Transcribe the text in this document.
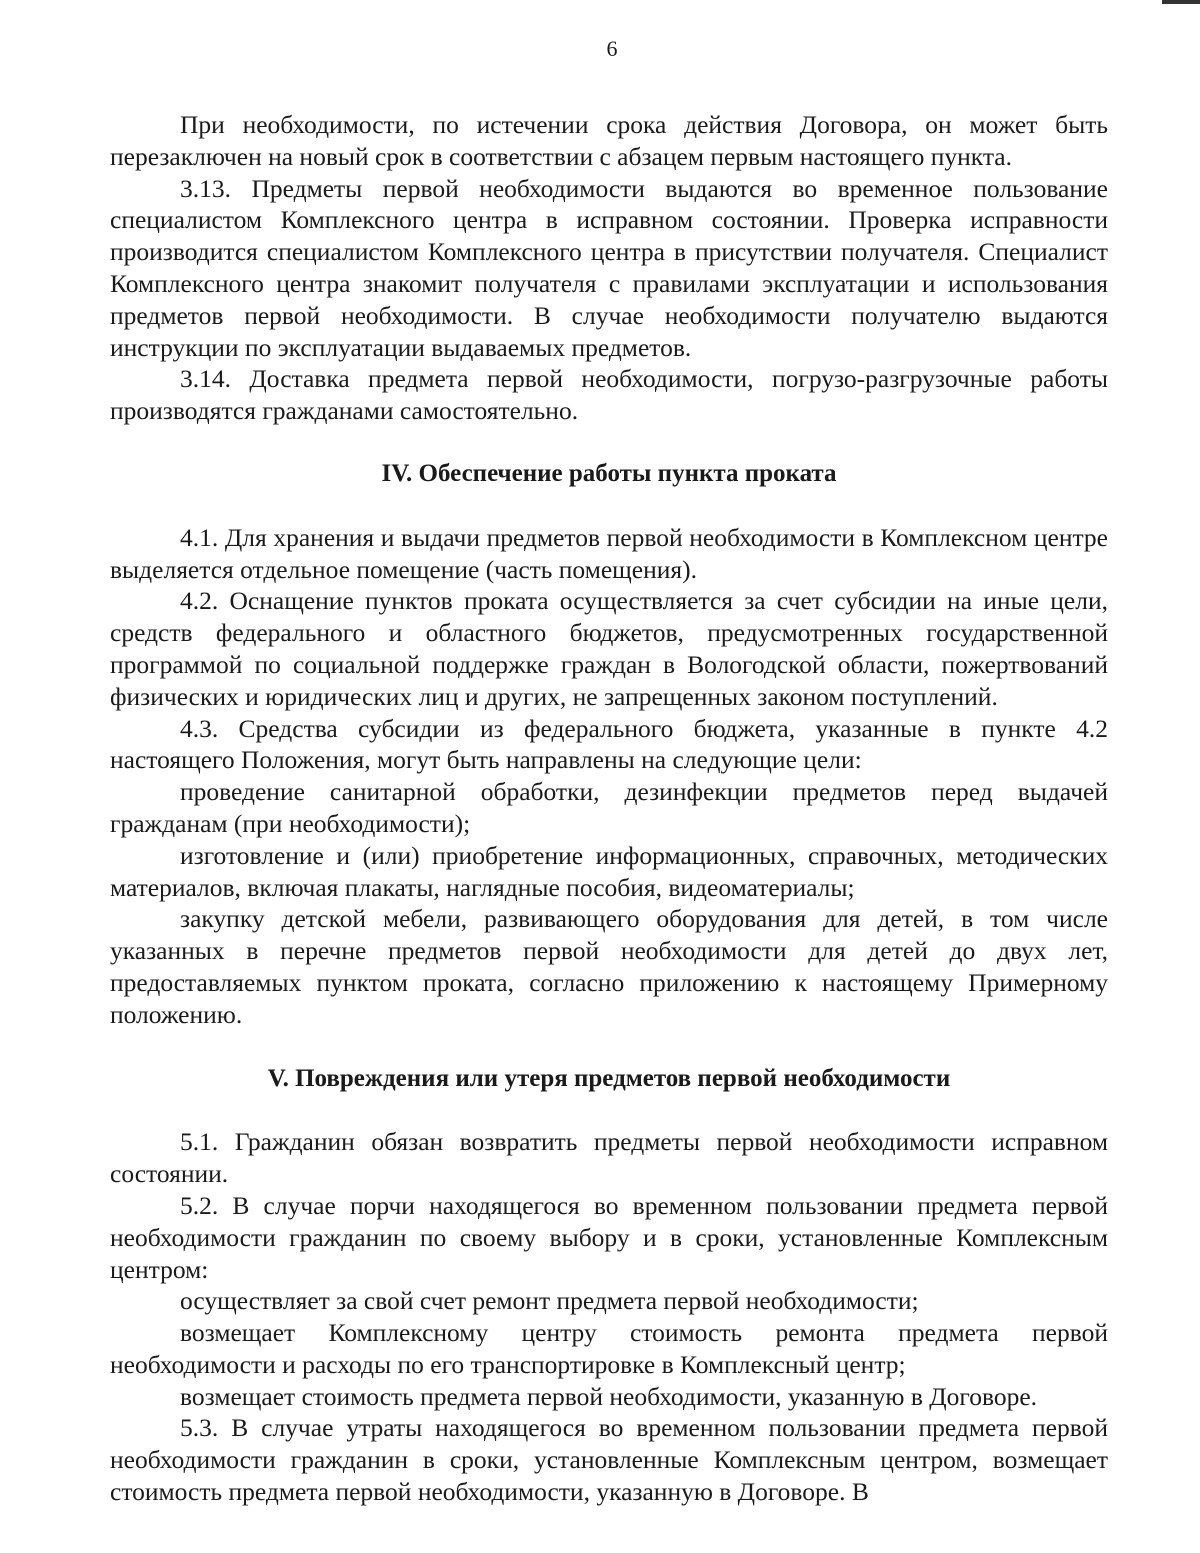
6

При необходимости, по истечении срока действия Договора, он может быть перезаключен на новый срок в соответствии с абзацем первым настоящего пункта.

3.13. Предметы первой необходимости выдаются во временное пользование специалистом Комплексного центра в исправном состоянии. Проверка исправности производится специалистом Комплексного центра в присутствии получателя. Специалист Комплексного центра знакомит получателя с правилами эксплуатации и использования предметов первой необходимости. В случае необходимости получателю выдаются инструкции по эксплуатации выдаваемых предметов.

3.14. Доставка предмета первой необходимости, погрузо-разгрузочные работы производятся гражданами самостоятельно.

IV. Обеспечение работы пункта проката

4.1. Для хранения и выдачи предметов первой необходимости в Комплексном центре выделяется отдельное помещение (часть помещения).

4.2. Оснащение пунктов проката осуществляется за счет субсидии на иные цели, средств федерального и областного бюджетов, предусмотренных государственной программой по социальной поддержке граждан в Вологодской области, пожертвований физических и юридических лиц и других, не запрещенных законом поступлений.

4.3. Средства субсидии из федерального бюджета, указанные в пункте 4.2 настоящего Положения, могут быть направлены на следующие цели:

проведение санитарной обработки, дезинфекции предметов перед выдачей гражданам (при необходимости);

изготовление и (или) приобретение информационных, справочных, методических материалов, включая плакаты, наглядные пособия, видеоматериалы;

закупку детской мебели, развивающего оборудования для детей, в том числе указанных в перечне предметов первой необходимости для детей до двух лет, предоставляемых пунктом проката, согласно приложению к настоящему Примерному положению.

V. Повреждения или утеря предметов первой необходимости

5.1. Гражданин обязан возвратить предметы первой необходимости исправном состоянии.

5.2. В случае порчи находящегося во временном пользовании предмета первой необходимости гражданин по своему выбору и в сроки, установленные Комплексным центром:

осуществляет за свой счет ремонт предмета первой необходимости;

возмещает Комплексному центру стоимость ремонта предмета первой необходимости и расходы по его транспортировке в Комплексный центр;

возмещает стоимость предмета первой необходимости, указанную в Договоре.

5.3. В случае утраты находящегося во временном пользовании предмета первой необходимости гражданин в сроки, установленные Комплексным центром, возмещает стоимость предмета первой необходимости, указанную в Договоре. В
